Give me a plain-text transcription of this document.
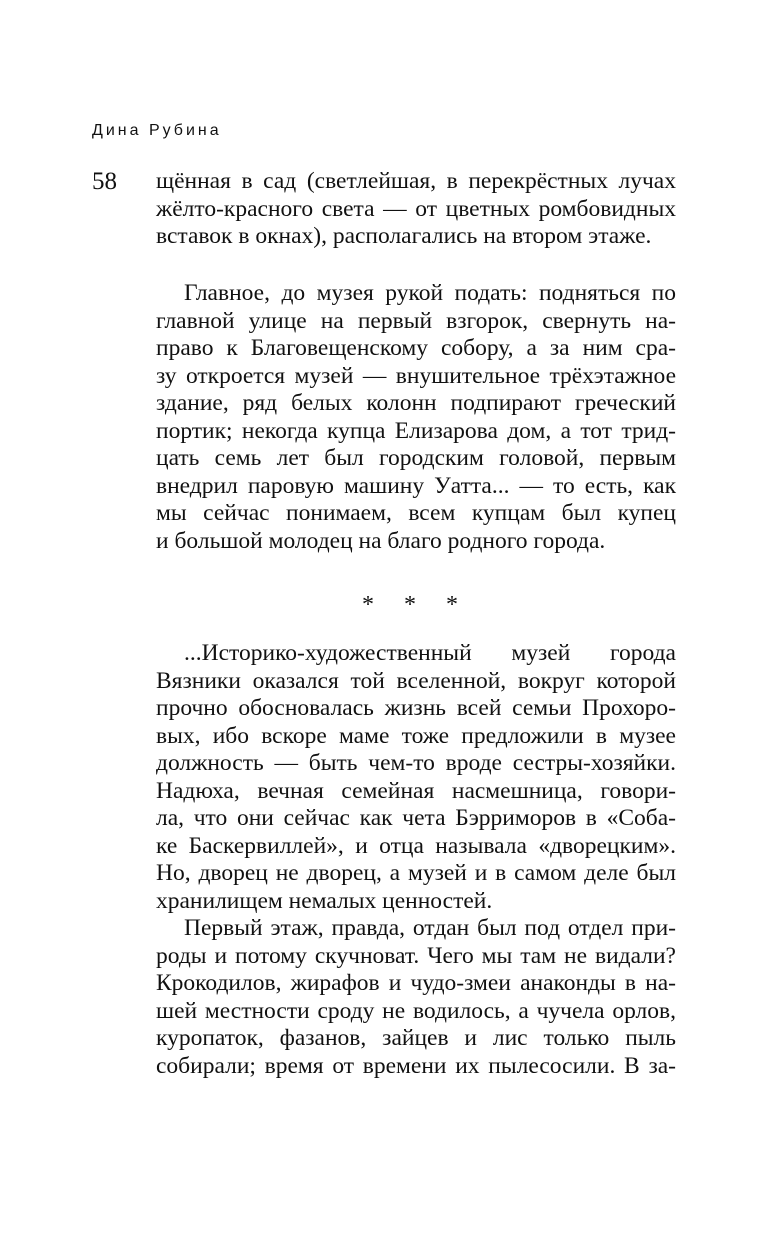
Дина Рубина
58 щённая в сад (светлейшая, в перекрёстных лучах
жёлто-красного света — от цветных ромбовидных
вставок в окнах), располагались на втором этаже.
Главное, до музея рукой подать: подняться по
главной улице на первый взгорок, свернуть на-
право к Благовещенскому собору, а за ним сра-
зу откроется музей — внушительное трёхэтажное
здание, ряд белых колонн подпирают греческий
портик; некогда купца Елизарова дом, а тот трид-
цать семь лет был городским головой, первым
внедрил паровую машину Уатта... — то есть, как
мы сейчас понимаем, всем купцам был купец
и большой молодец на благо родного города.
* * *
...Историко-художественный музей города
Вязники оказался той вселенной, вокруг которой
прочно обосновалась жизнь всей семьи Прохоро-
вых, ибо вскоре маме тоже предложили в музее
должность — быть чем-то вроде сестры-хозяйки.
Надюха, вечная семейная насмешница, говори-
ла, что они сейчас как чета Бэрриморов в «Соба-
ке Баскервиллей», и отца называла «дворецким».
Но, дворец не дворец, а музей и в самом деле был
хранилищем немалых ценностей.
Первый этаж, правда, отдан был под отдел при-
роды и потому скучноват. Чего мы там не видали?
Крокодилов, жирафов и чудо-змеи анаконды в на-
шей местности сроду не водилось, а чучела орлов,
куропаток, фазанов, зайцев и лис только пыль
собирали; время от времени их пылесосили. В за-
